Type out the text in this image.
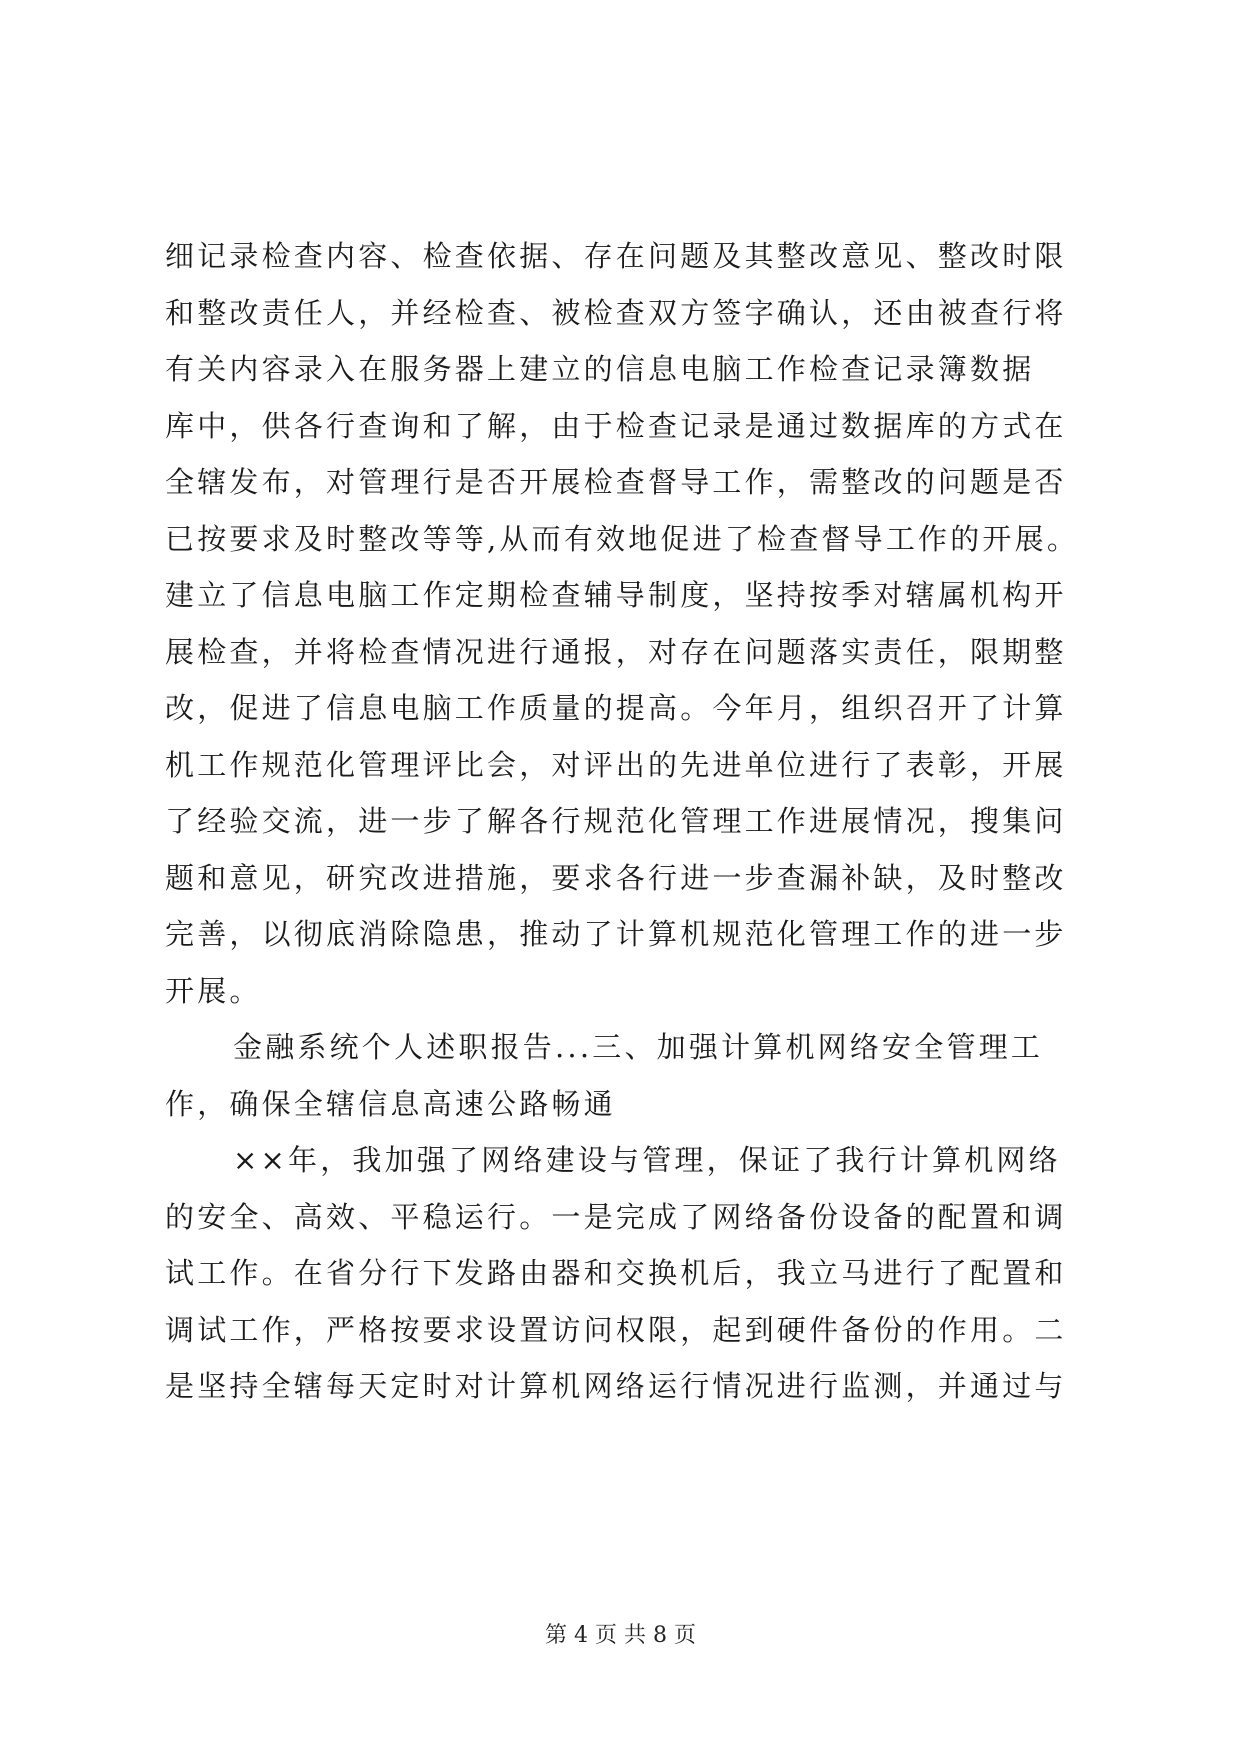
细记录检查内容、检查依据、存在问题及其整改意见、整改时限
和整改责任人，并经检查、被检查双方签字确认，还由被查行将
有关内容录入在服务器上建立的信息电脑工作检查记录簿数据
库中，供各行查询和了解，由于检查记录是通过数据库的方式在
全辖发布，对管理行是否开展检查督导工作，需整改的问题是否
已按要求及时整改等等,从而有效地促进了检查督导工作的开展。
建立了信息电脑工作定期检查辅导制度，坚持按季对辖属机构开
展检查，并将检查情况进行通报，对存在问题落实责任，限期整
改，促进了信息电脑工作质量的提高。今年月，组织召开了计算
机工作规范化管理评比会，对评出的先进单位进行了表彰，开展
了经验交流，进一步了解各行规范化管理工作进展情况，搜集问
题和意见，研究改进措施，要求各行进一步查漏补缺，及时整改
完善，以彻底消除隐患，推动了计算机规范化管理工作的进一步
开展。
金融系统个人述职报告...三、加强计算机网络安全管理工
作，确保全辖信息高速公路畅通
××年，我加强了网络建设与管理，保证了我行计算机网络
的安全、高效、平稳运行。一是完成了网络备份设备的配置和调
试工作。在省分行下发路由器和交换机后，我立马进行了配置和
调试工作，严格按要求设置访问权限，起到硬件备份的作用。二
是坚持全辖每天定时对计算机网络运行情况进行监测，并通过与
第 4 页 共 8 页
